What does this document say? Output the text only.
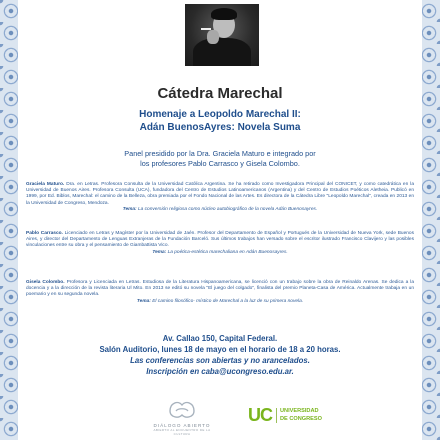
Cátedra Marechal
Homenaje a Leopoldo Marechal II:
Adán BuenosAyres: Novela Suma
Panel presidido por la Dra. Graciela Maturo e integrado por
los profesores Pablo Carrasco y Gisela Colombo.
Graciela Maturo. Dra. en Letras. Profesora Consulta de la Universidad Católica Argentina. Se ha retirado como Investigadora Principal del CONICET, y como catedrática en la Universidad de Buenos Aires. Profesora Consulta (UCA), fundadora del Centro de Estudios Latinoamericanos (Argentina) y del Centro de Estudios Poéticos Aletheia. Publicó en 1999, por Ed. Biblos, Marechal: el camino de la Belleza, obra premiada por el Fondo Nacional de las Artes. Es directora de la Cátedra Libre "Leopoldo Marechal", creada en 2013 en la Universidad de Congreso, Mendoza.
Tema: La conversión religiosa como núcleo autobiográfico de la novela Adán Buenosayres.
Pablo Carrasco. Licenciado en Letras y Magíster por la Universidad de Jaén. Profesor del Departamento de Español y Portugués de la Universidad de Nueva York, sede Buenos Aires, y director del Departamento de Lenguas Extranjeras de la Fundación Barceló. Sus últimos trabajos han versado sobre el escritor ilustrado Francisco Clavijero y las posibles vinculaciones entre su obra y el pensamiento de Giambattista Vico.
Tema: La poética-estética marechaliana en Adán Buenosayres.
Gisela Colombo. Profesora y Licenciada en Letras. Estudiosa de la Literatura Hispanoamericana, se licenció con un trabajo sobre la obra de Reinaldo Arenas. Se dedica a la docencia y a la dirección de la revista literaria Ul Mito. En 2013 se editó su novela "El juego del colgado", finalista del premio Planeta-Casa de América. Actualmente trabaja en un poemario y en su segunda novela.
Tema: El camino filosófico- místico de Marechal a la luz de su primera novela.
Av. Callao 150, Capital Federal.
Salón Auditorio, lunes 18 de mayo en el horario de 18 a 20 horas.
Las conferencias son abiertas y no arancelados.
Inscripción en caba@ucongreso.edu.ar.
DIÁLOGO ABIERTO
ABIERTO AL ENCUENTRO DE LA CULTURA
UC UNIVERSIDAD
DE CONGRESO
